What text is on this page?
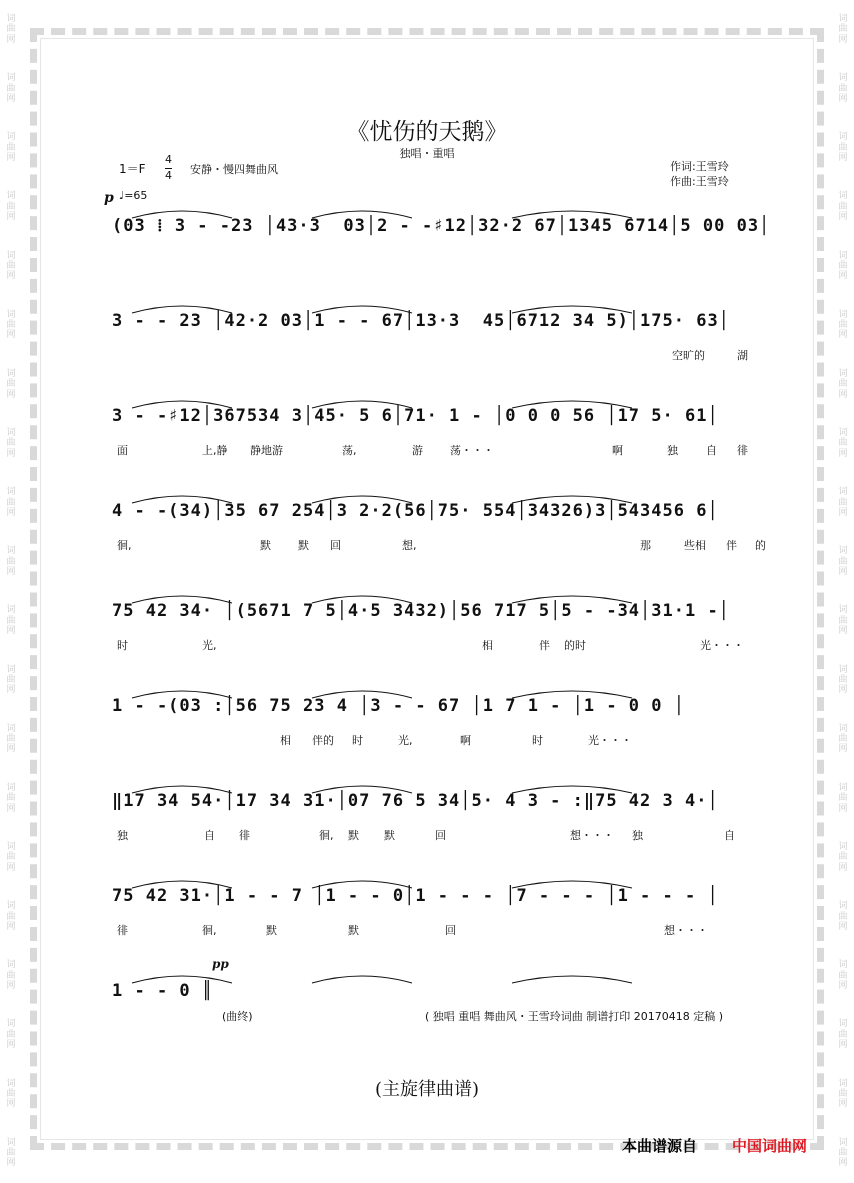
词
曲
网
词
曲
网
词
曲
网
词
曲
网
词
曲
网
词
曲
网
词
曲
网
词
曲
网
词
曲
网
词
曲
网
词
曲
网
词
曲
网
词
曲
网
词
曲
网
词
曲
网
词
曲
网
词
曲
网
词
曲
网
词
曲
网
词
曲
网
词
曲
网
词
曲
网
词
曲
网
词
曲
网
词
曲
网
词
曲
网
词
曲
网
词
曲
网
词
曲
网
词
曲
网
词
曲
网
词
曲
网
词
曲
网
词
曲
网
词
曲
网
词
曲
网
词
曲
网
词
曲
网
词
曲
网
词
曲
网
《忧伤的天鹅》
独唱・重唱
1＝F
4
4 安静・慢四舞曲风
p ♩=65
作词:王雪玲
作曲:王雪玲
(03 ⁞ 3 - -23 │43·3  03│2 - -♯12│32·2 67│1345 6714│5 00 03│
3 - - 23 │42·2 03│1 - - 67│13·3  45│6712 34 5)│175· 63│
空旷的	湖
3 - -♯12│367534 3│45· 5 6│71· 1 - │0 0 0 56 │17 5· 61│
面	上,静 静地游	荡,	游 荡・・・	啊	独	自 徘
4 - -(34)│35 67 254│3 2·2(56│75· 554│34326)3│543456 6│
徊,	默 默 回	想,	那	些相 伴 的
75 42 34· │(5671 7 5│4·5 3432)│56 717 5│5 - -34│31·1 -│
时	光,	相	伴 的时	光・・・
1 - -(03 :│56 75 23 4 │3 - - 67 │1 7 1 - │1 - 0 0 │
相 伴的 时	光,	啊	时	光・・・
‖17 34 54·│17 34 31·│07 76 5 34│5· 4 3 - :‖75 42 3 4·│
独	自 徘	徊, 默 默	回	想・・・ 独	自
75 42 31·│1 - - 7 │1 - - 0│1 - - - │7 - - - │1 - - - │
徘	徊,	默	默	回	想・・・
1 - - 0 ║
pp
(曲终)	( 独唱 重唱 舞曲风・王雪玲词曲 制谱打印 20170418 定稿 )
(主旋律曲谱)
本曲谱源自 中国词曲网
